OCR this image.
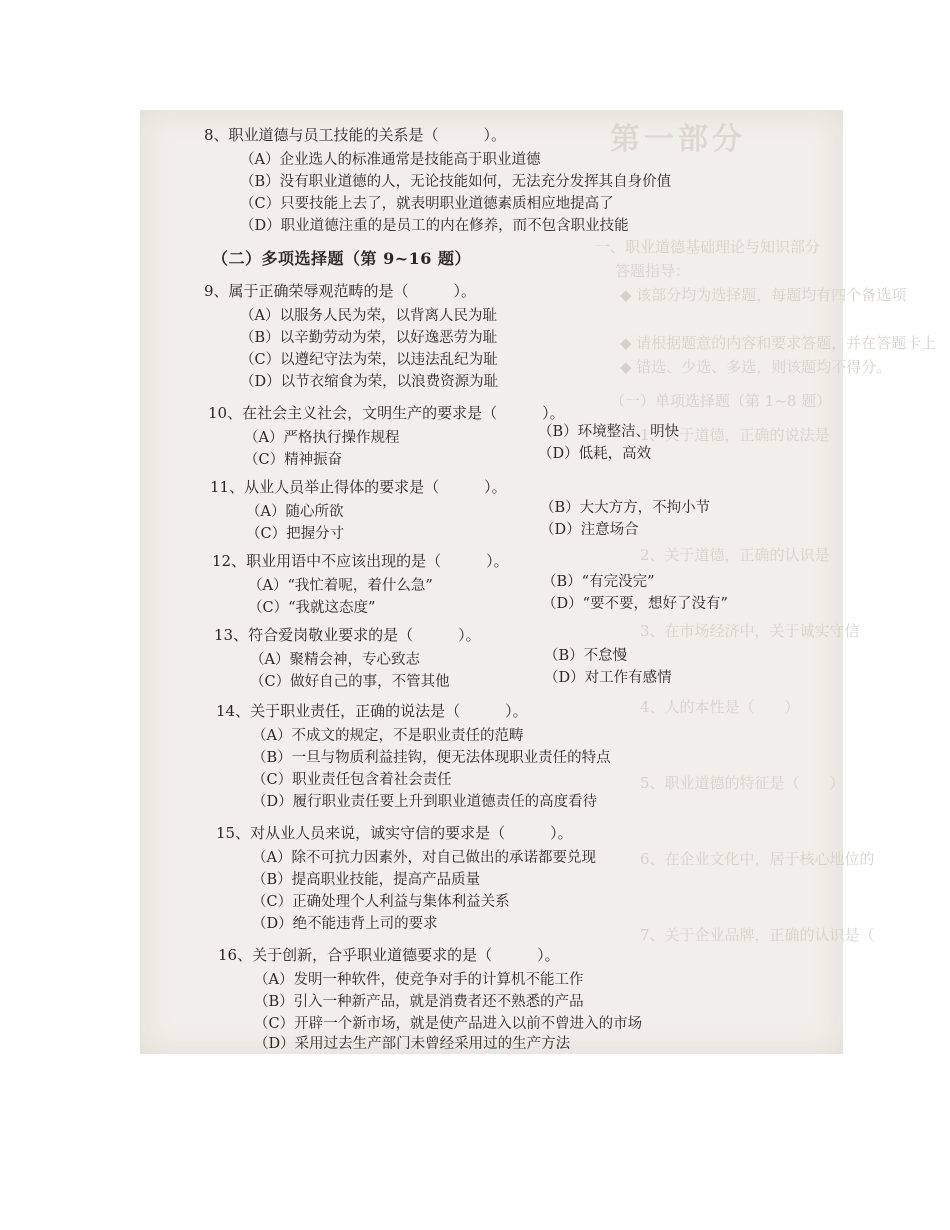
第一部分
一、职业道德基础理论与知识部分
答题指导：
◆ 该部分均为选择题，每题均有四个备选项
◆ 请根据题意的内容和要求答题，并在答题卡上
◆ 错选、少选、多选，则该题均不得分。
（一）单项选择题（第 1~8 题）
1、关于道德，正确的说法是
2、关于道德，正确的认识是
3、在市场经济中，关于诚实守信
4、人的本性是（　　）
5、职业道德的特征是（　　）
6、在企业文化中，居于核心地位的
7、关于企业品牌，正确的认识是（
8、职业道德与员工技能的关系是（　　　）。
（A）企业选人的标准通常是技能高于职业道德
（B）没有职业道德的人，无论技能如何，无法充分发挥其自身价值
（C）只要技能上去了，就表明职业道德素质相应地提高了
（D）职业道德注重的是员工的内在修养，而不包含职业技能
（二）多项选择题（第 9~16 题）
9、属于正确荣辱观范畴的是（　　　）。
（A）以服务人民为荣，以背离人民为耻
（B）以辛勤劳动为荣，以好逸恶劳为耻
（C）以遵纪守法为荣，以违法乱纪为耻
（D）以节衣缩食为荣，以浪费资源为耻
10、在社会主义社会，文明生产的要求是（　　　）。
（A）严格执行操作规程	（B）环境整洁、明快
（C）精神振奋	（D）低耗，高效
11、从业人员举止得体的要求是（　　　）。
（A）随心所欲	（B）大大方方，不拘小节
（C）把握分寸	（D）注意场合
12、职业用语中不应该出现的是（　　　）。
（A）“我忙着呢，着什么急”	（B）“有完没完”
（C）“我就这态度”	（D）“要不要，想好了没有”
13、符合爱岗敬业要求的是（　　　）。
（A）聚精会神，专心致志	（B）不怠慢
（C）做好自己的事，不管其他	（D）对工作有感情
14、关于职业责任，正确的说法是（　　　）。
（A）不成文的规定，不是职业责任的范畴
（B）一旦与物质利益挂钩，便无法体现职业责任的特点
（C）职业责任包含着社会责任
（D）履行职业责任要上升到职业道德责任的高度看待
15、对从业人员来说，诚实守信的要求是（　　　）。
（A）除不可抗力因素外，对自己做出的承诺都要兑现
（B）提高职业技能，提高产品质量
（C）正确处理个人利益与集体利益关系
（D）绝不能违背上司的要求
16、关于创新，合乎职业道德要求的是（　　　）。
（A）发明一种软件，使竞争对手的计算机不能工作
（B）引入一种新产品，就是消费者还不熟悉的产品
（C）开辟一个新市场，就是使产品进入以前不曾进入的市场
（D）采用过去生产部门未曾经采用过的生产方法
